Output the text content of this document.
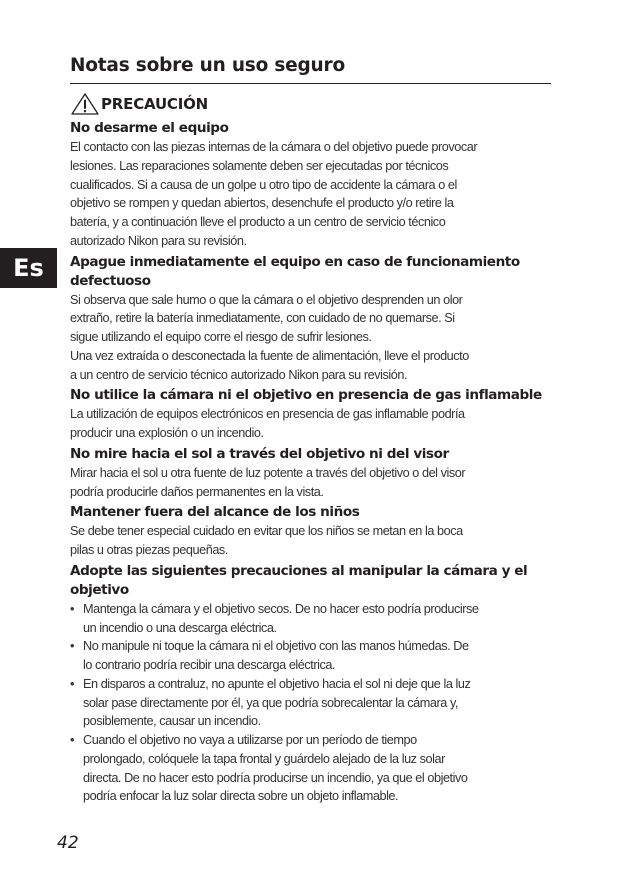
Es
Notas sobre un uso seguro
PRECAUCIÓN
No desarme el equipo

El contacto con las piezas internas de la cámara o del objetivo puede provocar
lesiones. Las reparaciones solamente deben ser ejecutadas por técnicos
cualificados. Si a causa de un golpe u otro tipo de accidente la cámara o el
objetivo se rompen y quedan abiertos, desenchufe el producto y/o retire la
batería, y a continuación lleve el producto a un centro de servicio técnico
autorizado Nikon para su revisión.

Apague inmediatamente el equipo en caso de funcionamiento
defectuoso

Si observa que sale humo o que la cámara o el objetivo desprenden un olor
extraño, retire la batería inmediatamente, con cuidado de no quemarse. Si
sigue utilizando el equipo corre el riesgo de sufrir lesiones.
Una vez extraída o desconectada la fuente de alimentación, lleve el producto
a un centro de servicio técnico autorizado Nikon para su revisión.

No utilice la cámara ni el objetivo en presencia de gas inflamable

La utilización de equipos electrónicos en presencia de gas inflamable podría
producir una explosión o un incendio.

No mire hacia el sol a través del objetivo ni del visor

Mirar hacia el sol u otra fuente de luz potente a través del objetivo o del visor
podría producirle daños permanentes en la vista.

Mantener fuera del alcance de los niños

Se debe tener especial cuidado en evitar que los niños se metan en la boca
pilas u otras piezas pequeñas.

Adopte las siguientes precauciones al manipular la cámara y el objetivo
• Mantenga la cámara y el objetivo secos. De no hacer esto podría producirse
un incendio o una descarga eléctrica.
• No manipule ni toque la cámara ni el objetivo con las manos húmedas. De
lo contrario podría recibir una descarga eléctrica.
• En disparos a contraluz, no apunte el objetivo hacia el sol ni deje que la luz
solar pase directamente por él, ya que podría sobrecalentar la cámara y,
posiblemente, causar un incendio.
• Cuando el objetivo no vaya a utilizarse por un período de tiempo
prolongado, colóquele la tapa frontal y guárdelo alejado de la luz solar
directa. De no hacer esto podría producirse un incendio, ya que el objetivo
podría enfocar la luz solar directa sobre un objeto inflamable.
42
